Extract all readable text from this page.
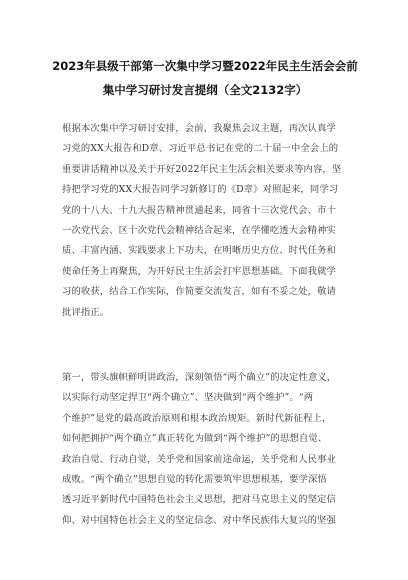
2023年县级干部第一次集中学习暨2022年民主生活会会前
集中学习研讨发言提纲（全文2132字）
根据本次集中学习研讨安排，会前，我聚焦会议主题，再次认真学
习党的XX大报告和D章、习近平总书记在党的二十届一中全会上的
重要讲话精神以及关于开好2022年民主生活会相关要求等内容，坚
持把学习党的XX大报告同学习新修订的《D章》对照起来，同学习
党的十八大、十九大报告精神贯通起来，同省十三次党代会、市十
一次党代会、区十次党代会精神结合起来，在学懂吃透大会精神实
质、丰富内涵、实践要求上下功夫，在明晰历史方位、时代任务和
使命任务上再聚焦，为开好民主生活会打牢思想基础。下面我就学
习的收获，结合工作实际，作简要交流发言，如有不妥之处，敬请
批评指正。
第一，带头旗帜鲜明讲政治，深刻领悟“两个确立”的决定性意义，
以实际行动坚定捍卫“两个确立”、坚决做到“两个维护”。“两
个维护”是党的最高政治原则和根本政治规矩。新时代新征程上，
如何把拥护“两个确立”真正转化为做到“两个维护”的思想自觉、
政治自觉、行动自觉，关乎党和国家前途命运，关乎党和人民事业
成败。“两个确立”思想自觉的转化需要筑牢思想根基，要学深悟
透习近平新时代中国特色社会主义思想，把对马克思主义的坚定信
仰、对中国特色社会主义的坚定信念、对中华民族伟大复兴的坚强
